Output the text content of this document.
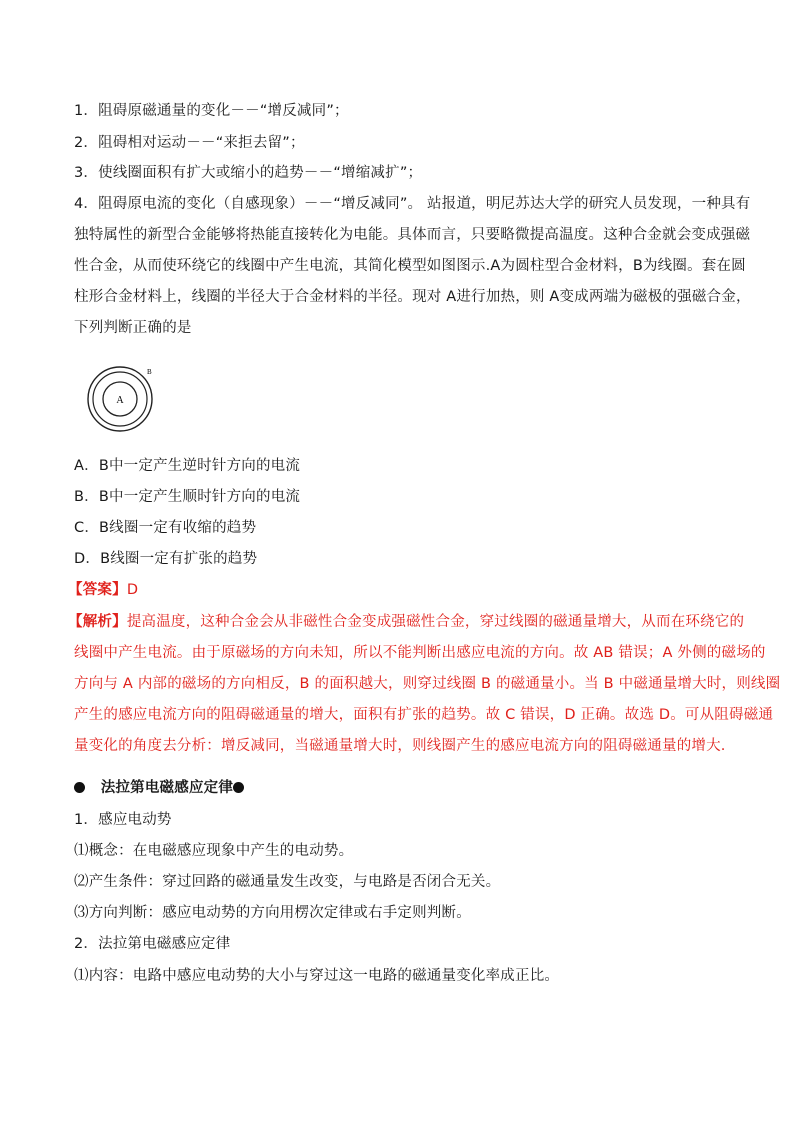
1．阻碍原磁通量的变化－－“增反减同”；
2．阻碍相对运动－－“来拒去留”；
3．使线圈面积有扩大或缩小的趋势－－“增缩减扩”；
4．阻碍原电流的变化（自感现象）－－“增反减同”。 站报道，明尼苏达大学的研究人员发现，一种具有
独特属性的新型合金能够将热能直接转化为电能。具体而言，只要略微提高温度。这种合金就会变成强磁
性合金，从而使环绕它的线圈中产生电流，其简化模型如图图示.A为圆柱型合金材料，B为线圈。套在圆
柱形合金材料上，线圈的半径大于合金材料的半径。现对 A进行加热，则 A变成两端为磁极的强磁合金，
下列判断正确的是
A
B
A．B中一定产生逆时针方向的电流
B．B中一定产生顺时针方向的电流
C．B线圈一定有收缩的趋势
D．B线圈一定有扩张的趋势
【答案】D
【解析】提高温度，这种合金会从非磁性合金变成强磁性合金，穿过线圈的磁通量增大，从而在环绕它的
线圈中产生电流。由于原磁场的方向未知，所以不能判断出感应电流的方向。故 AB 错误；A 外侧的磁场的
方向与 A 内部的磁场的方向相反，B 的面积越大，则穿过线圈 B 的磁通量小。当 B 中磁通量增大时，则线圈
产生的感应电流方向的阻碍磁通量的增大，面积有扩张的趋势。故 C 错误，D 正确。故选 D。可从阻碍磁通
量变化的角度去分析：增反减同，当磁通量增大时，则线圈产生的感应电流方向的阻碍磁通量的增大.
法拉第电磁感应定律
1．感应电动势
⑴概念：在电磁感应现象中产生的电动势。
⑵产生条件：穿过回路的磁通量发生改变，与电路是否闭合无关。
⑶方向判断：感应电动势的方向用楞次定律或右手定则判断。
2．法拉第电磁感应定律
⑴内容：电路中感应电动势的大小与穿过这一电路的磁通量变化率成正比。
